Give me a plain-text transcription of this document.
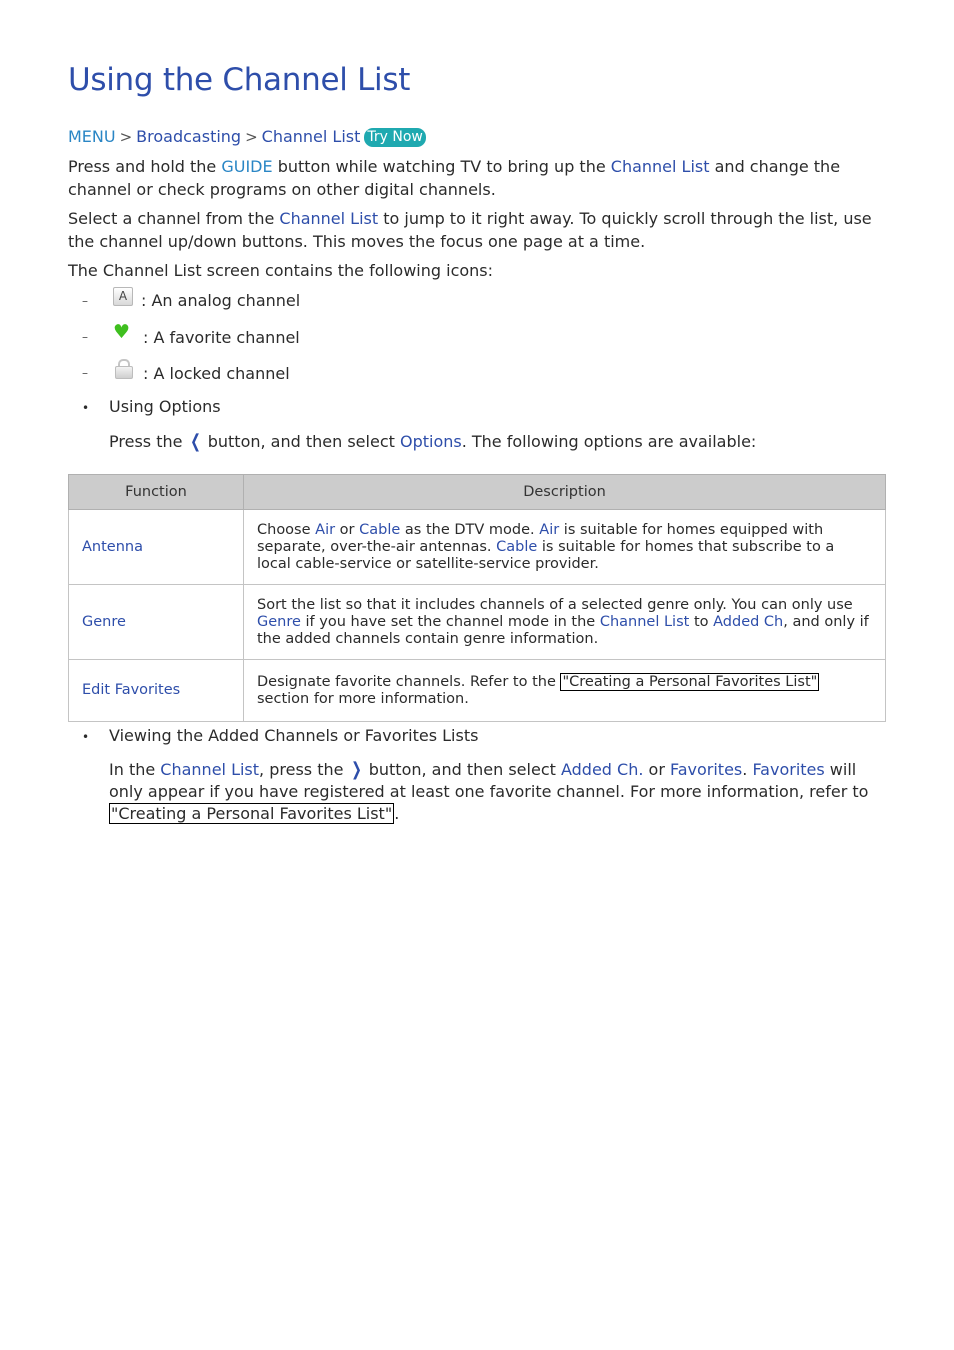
Using the Channel List
MENU > Broadcasting > Channel List Try Now

Press and hold the GUIDE button while watching TV to bring up the Channel List and change the channel or check programs on other digital channels.

Select a channel from the Channel List to jump to it right away. To quickly scroll through the list, use the channel up/down buttons. This moves the focus one page at a time.

The Channel List screen contains the following icons:

–	A : An analog channel
–	♥ : A favorite channel
–	: A locked channel
•	Using Options

Press the ❮ button, and then select Options. The following options are available:

Function	Description
Antenna	Choose Air or Cable as the DTV mode. Air is suitable for homes equipped with separate, over-the-air antennas. Cable is suitable for homes that subscribe to a local cable-service or satellite-service provider.
Genre	Sort the list so that it includes channels of a selected genre only. You can only use Genre if you have set the channel mode in the Channel List to Added Ch, and only if the added channels contain genre information.
Edit Favorites	Designate favorite channels. Refer to the "Creating a Personal Favorites List" section for more information.
•	Viewing the Added Channels or Favorites Lists

In the Channel List, press the ❯ button, and then select Added Ch. or Favorites. Favorites will only appear if you have registered at least one favorite channel. For more information, refer to "Creating a Personal Favorites List" .
